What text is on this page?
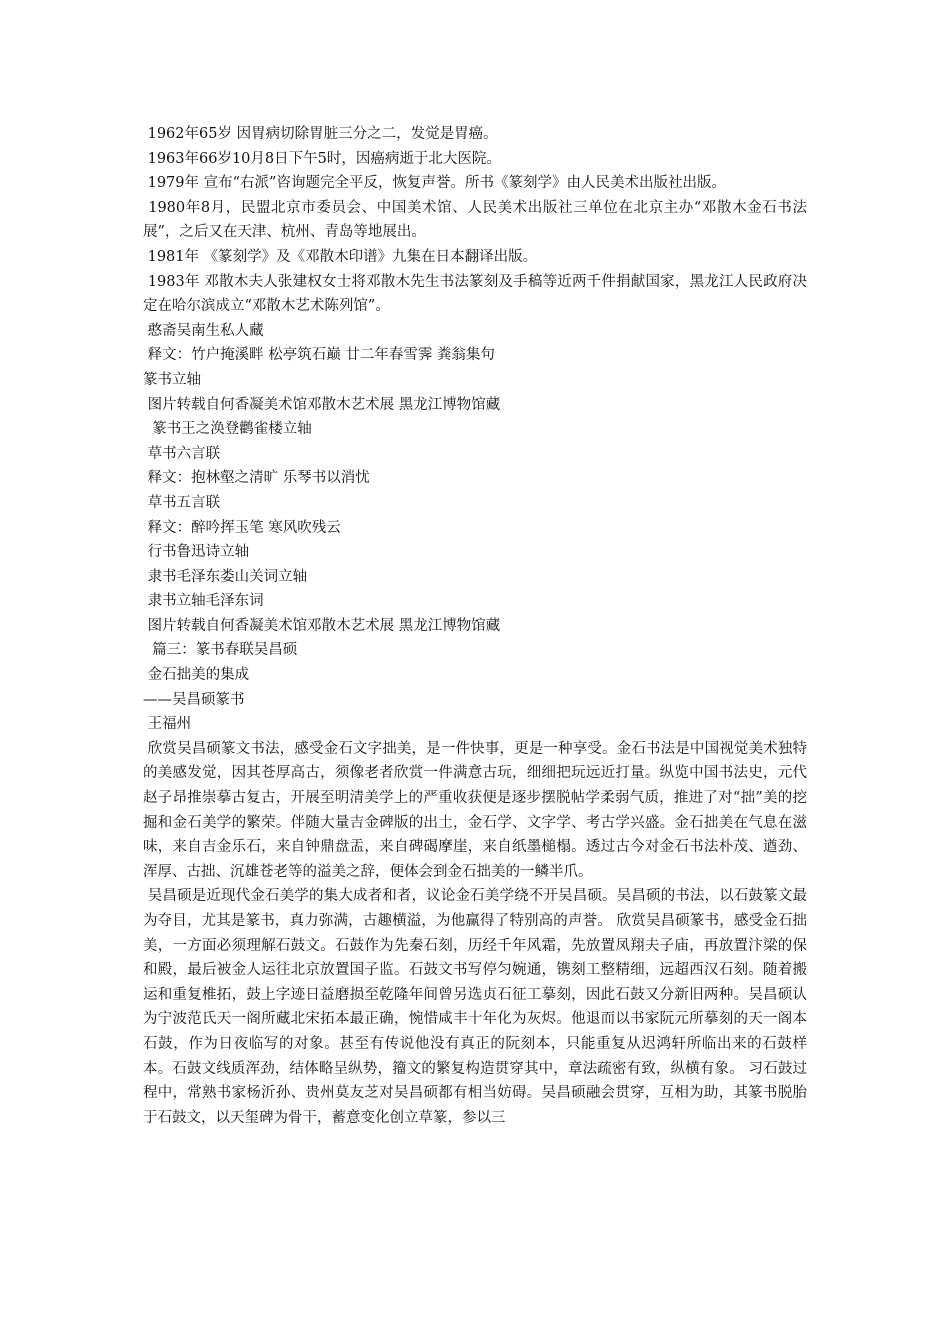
1962年65岁 因胃病切除胃脏三分之二，发觉是胃癌。

1963年66岁10月8日下午5时，因癌病逝于北大医院。

1979年 宣布“右派”咨询题完全平反，恢复声誉。所书《篆刻学》由人民美术出版社出版。

1980年8月，民盟北京市委员会、中国美术馆、人民美术出版社三单位在北京主办“邓散木金石书法展”，之后又在天津、杭州、青岛等地展出。

1981年 《篆刻学》及《邓散木印谱》九集在日本翻译出版。

1983年 邓散木夫人张建权女士将邓散木先生书法篆刻及手稿等近两千件捐献国家，黑龙江人民政府决定在哈尔滨成立“邓散木艺术陈列馆”。

憨斋吴南生私人藏

释文：竹户掩溪畔 松亭筑石巅 廿二年春雪霁 粪翁集句

篆书立轴

图片转载自何香凝美术馆邓散木艺术展 黑龙江博物馆藏

篆书王之涣登鹳雀楼立轴

草书六言联

释文：抱林壑之清旷 乐琴书以消忧

草书五言联

释文：醉吟挥玉笔 寒风吹残云

行书鲁迅诗立轴

隶书毛泽东娄山关词立轴

隶书立轴毛泽东词

图片转载自何香凝美术馆邓散木艺术展 黑龙江博物馆藏

篇三：篆书春联吴昌硕

金石拙美的集成

——吴昌硕篆书

王福州

欣赏吴昌硕篆文书法，感受金石文字拙美，是一件快事，更是一种享受。金石书法是中国视觉美术独特的美感发觉，因其苍厚高古，须像老者欣赏一件满意古玩，细细把玩远近打量。纵览中国书法史，元代赵子昂推崇摹古复古，开展至明清美学上的严重收获便是逐步摆脱帖学柔弱气质，推进了对“拙”美的挖掘和金石美学的繁荣。伴随大量吉金碑版的出土，金石学、文字学、考古学兴盛。金石拙美在气息在滋味，来自吉金乐石，来自钟鼎盘盂，来自碑碣摩崖，来自纸墨槌榻。透过古今对金石书法朴茂、遒劲、浑厚、古拙、沉雄苍老等的溢美之辞，便体会到金石拙美的一鳞半爪。

吴昌硕是近现代金石美学的集大成者和者，议论金石美学绕不开吴昌硕。吴昌硕的书法，以石鼓篆文最为夺目，尤其是篆书，真力弥满，古趣横溢，为他赢得了特别高的声誉。 欣赏吴昌硕篆书，感受金石拙美，一方面必须理解石鼓文。石鼓作为先秦石刻，历经千年风霜，先放置凤翔夫子庙，再放置汴梁的保和殿，最后被金人运往北京放置国子监。石鼓文书写停匀婉通，镌刻工整精细，远超西汉石刻。随着搬运和重复椎拓，鼓上字迹日益磨损至乾隆年间曾另选贞石征工摹刻，因此石鼓又分新旧两种。吴昌硕认为宁波范氏天一阁所藏北宋拓本最正确，惋惜咸丰十年化为灰烬。他退而以书家阮元所摹刻的天一阁本石鼓，作为日夜临写的对象。甚至有传说他没有真正的阮刻本，只能重复从迟鸿轩所临出来的石鼓样本。石鼓文线质浑劲，结体略呈纵势，籀文的繁复构造贯穿其中，章法疏密有致，纵横有象。 习石鼓过程中，常熟书家杨沂孙、贵州莫友芝对吴昌硕都有相当妨碍。吴昌硕融会贯穿，互相为助，其篆书脱胎于石鼓文，以天玺碑为骨干，蓄意变化创立草篆，参以三
